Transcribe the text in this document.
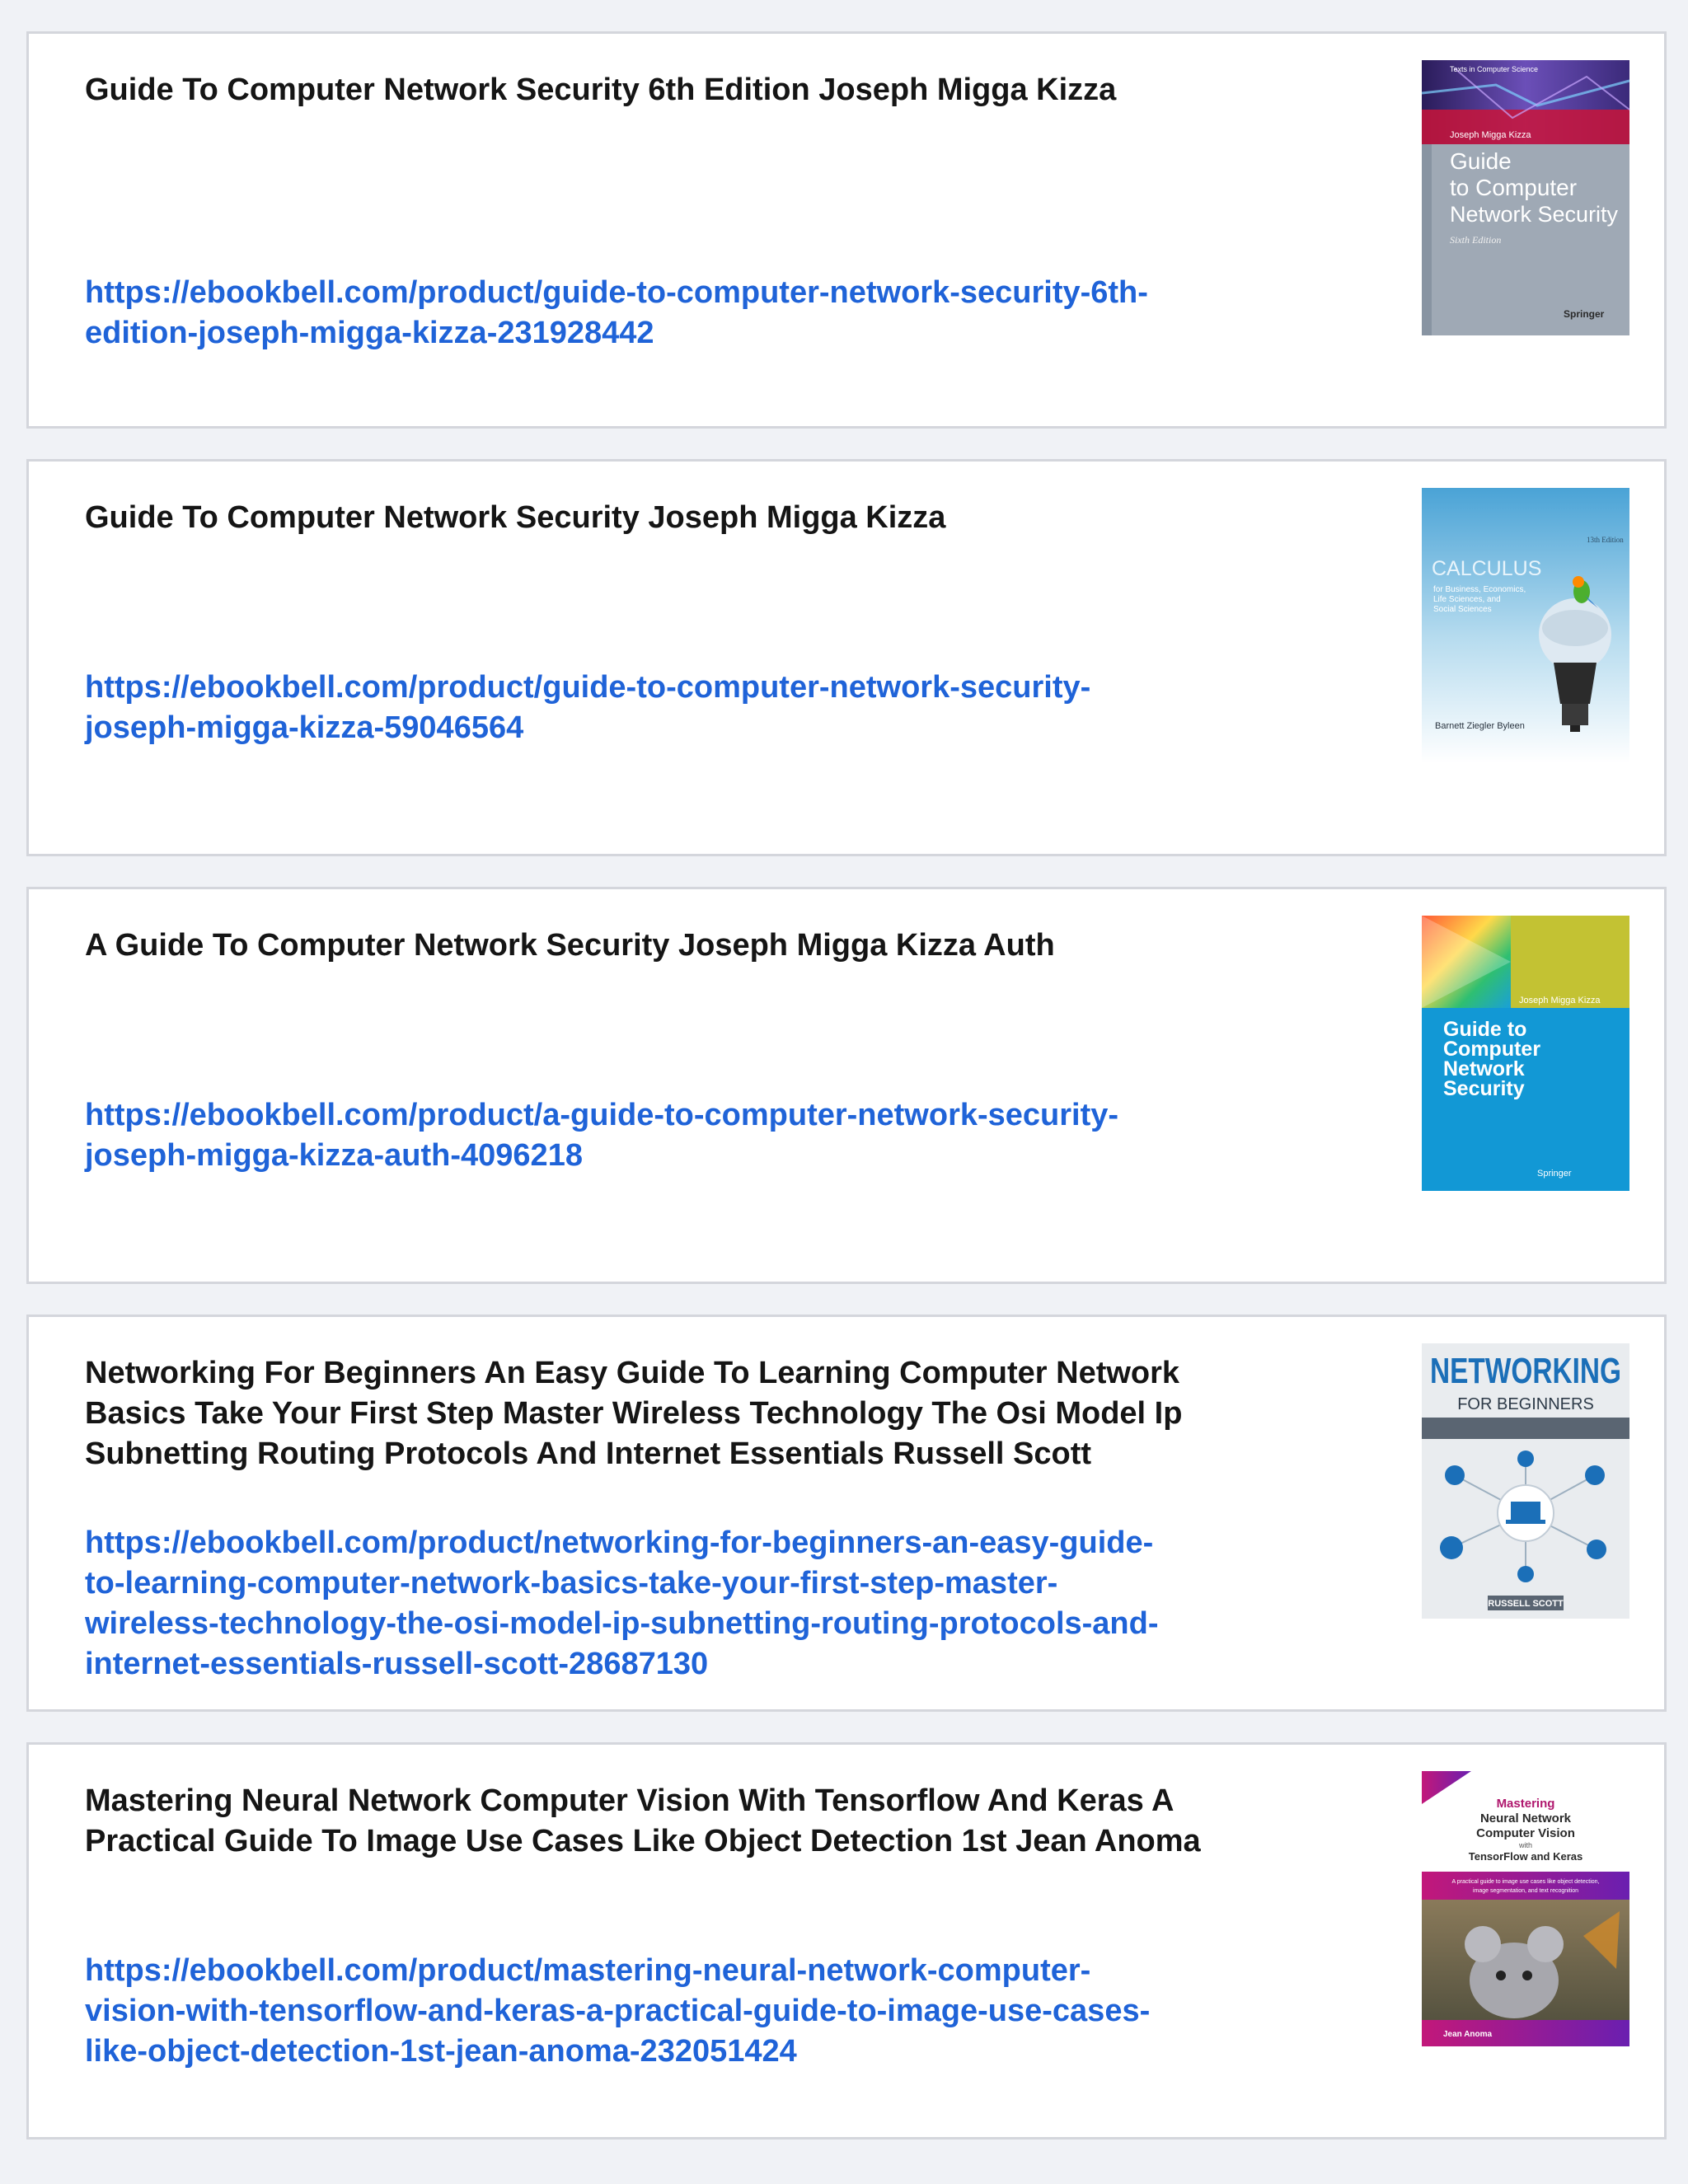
Guide To Computer Network Security 6th Edition Joseph Migga Kizza
https://ebookbell.com/product/guide-to-computer-network-security-6th-
edition-joseph-migga-kizza-231928442
Texts in Computer Science
Joseph Migga Kizza
Guide
to Computer
Network Security
Sixth Edition
Springer
Guide To Computer Network Security Joseph Migga Kizza
https://ebookbell.com/product/guide-to-computer-network-security-
joseph-migga-kizza-59046564
13th Edition
CALCULUS
for Business, Economics,
Life Sciences, and
Social Sciences
Barnett Ziegler Byleen
A Guide To Computer Network Security Joseph Migga Kizza Auth
https://ebookbell.com/product/a-guide-to-computer-network-security-
joseph-migga-kizza-auth-4096218
Joseph Migga Kizza
Guide to
Computer
Network
Security
Springer
Networking For Beginners An Easy Guide To Learning Computer Network Basics Take Your First Step Master Wireless Technology The Osi Model Ip Subnetting Routing Protocols And Internet Essentials Russell Scott
https://ebookbell.com/product/networking-for-beginners-an-easy-guide-
to-learning-computer-network-basics-take-your-first-step-master-
wireless-technology-the-osi-model-ip-subnetting-routing-protocols-and-
internet-essentials-russell-scott-28687130
NETWORKING
FOR BEGINNERS
RUSSELL SCOTT
Mastering Neural Network Computer Vision With Tensorflow And Keras A Practical Guide To Image Use Cases Like Object Detection 1st Jean Anoma
https://ebookbell.com/product/mastering-neural-network-computer-
vision-with-tensorflow-and-keras-a-practical-guide-to-image-use-cases-
like-object-detection-1st-jean-anoma-232051424
Mastering
Neural Network
Computer Vision
with
TensorFlow and Keras
A practical guide to image use cases like object detection,
image segmentation, and text recognition
Jean Anoma
